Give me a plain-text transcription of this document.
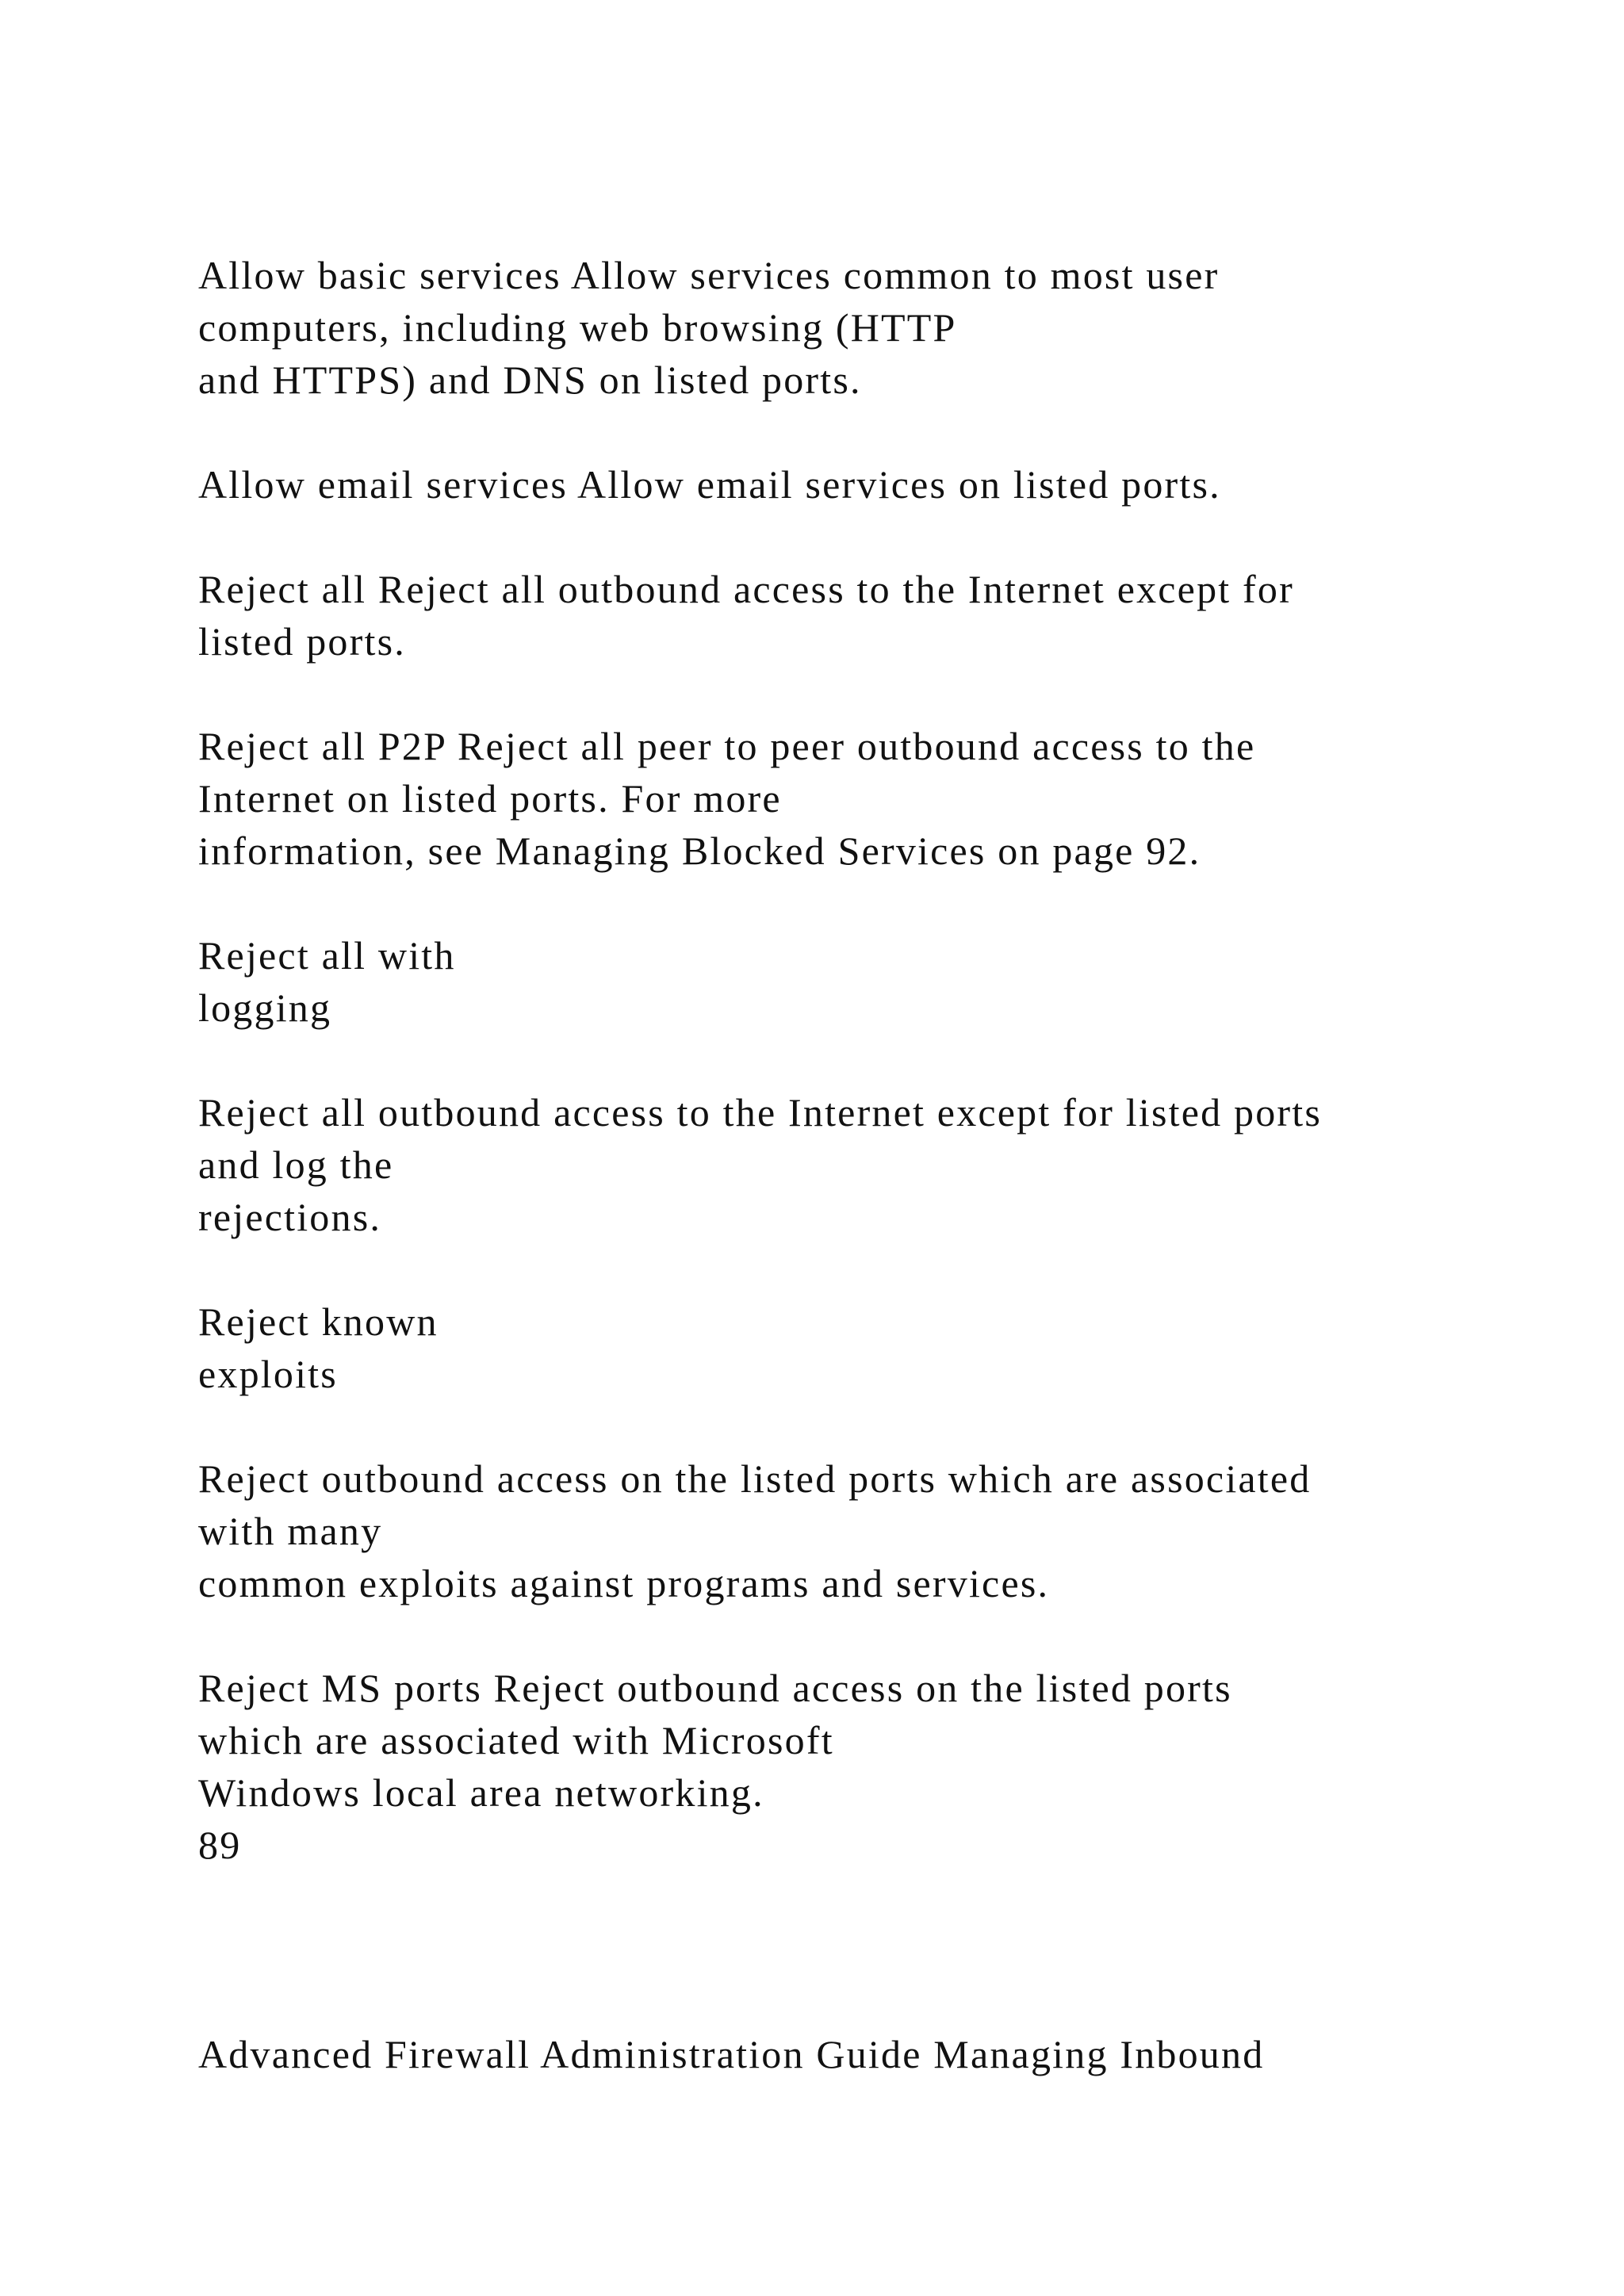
Allow basic services Allow services common to most user

computers, including web browsing (HTTP

and HTTPS) and DNS on listed ports.

Allow email services Allow email services on listed ports.

Reject all Reject all outbound access to the Internet except for

listed ports.

Reject all P2P Reject all peer to peer outbound access to the

Internet on listed ports. For more

information, see Managing Blocked Services on page 92.

Reject all with

logging

Reject all outbound access to the Internet except for listed ports

and log the

rejections.

Reject known

exploits

Reject outbound access on the listed ports which are associated

with many

common exploits against programs and services.

Reject MS ports Reject outbound access on the listed ports

which are associated with Microsoft

Windows local area networking.

89

Advanced Firewall Administration Guide Managing Inbound
